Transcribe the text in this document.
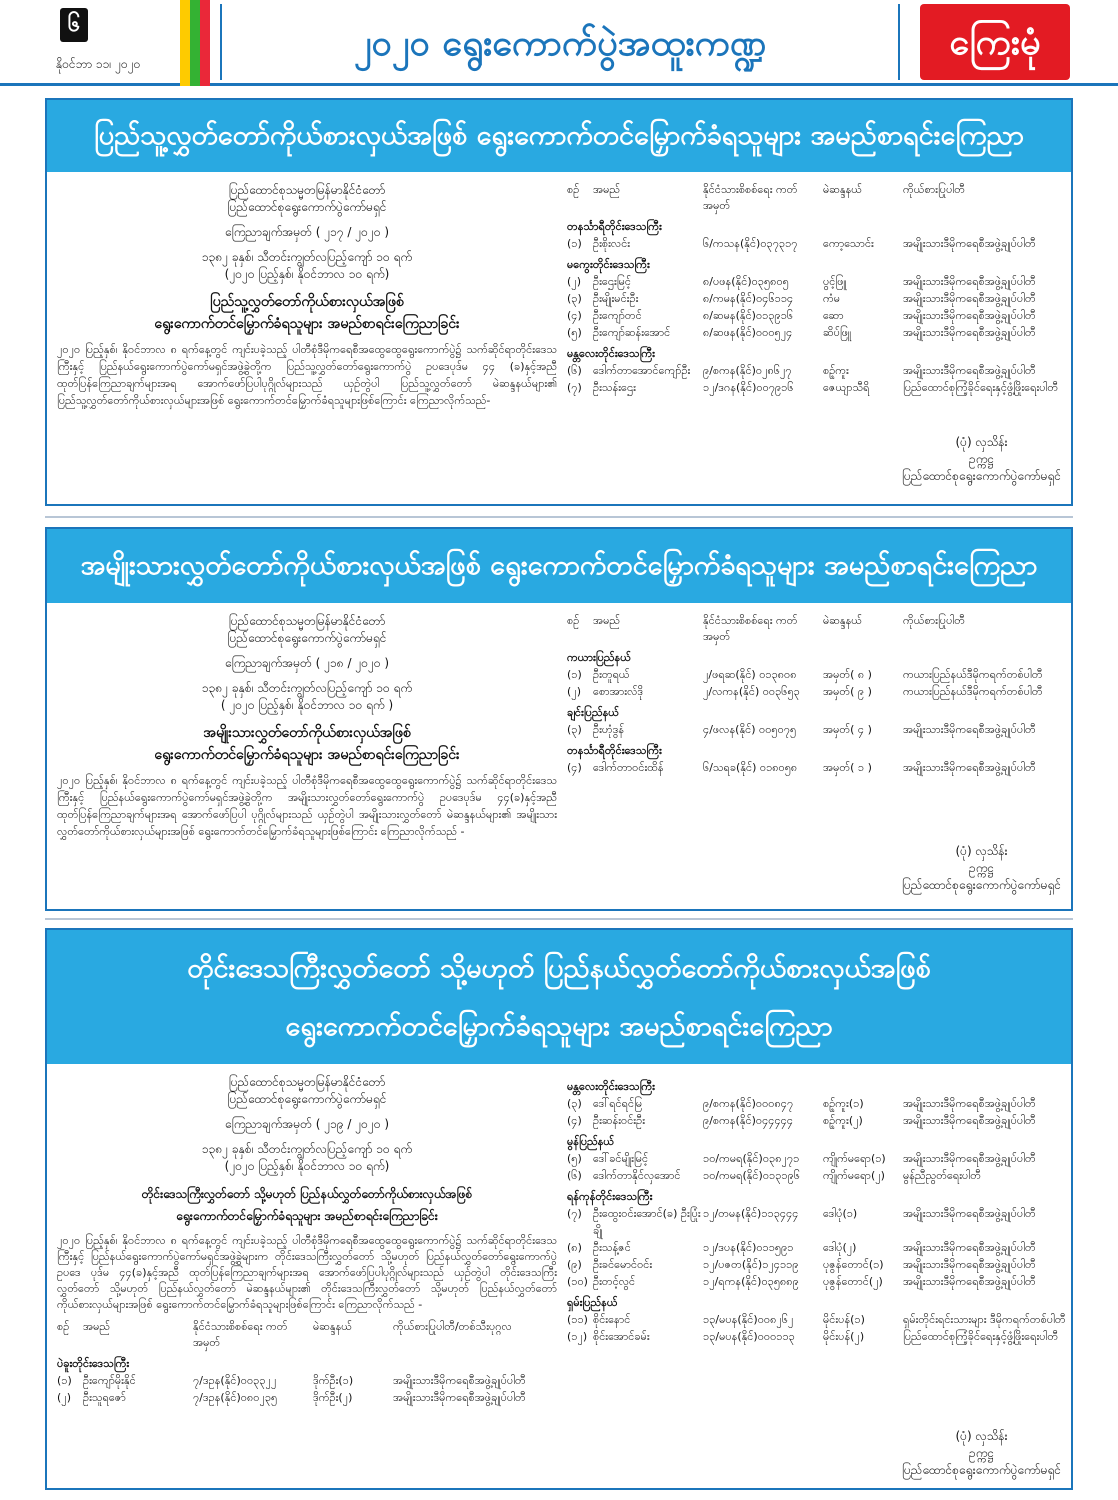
၆
နိုဝင်ဘာ ၁၁၊ ၂၀၂၀	၂၀၂၀ ရွေးကောက်ပွဲအထူးကဏ္ဍ	ကြေးမုံ
ပြည်သူ့လွှတ်တော်ကိုယ်စားလှယ်အဖြစ် ရွေးကောက်တင်မြှောက်ခံရသူများ အမည်စာရင်းကြေညာ
ပြည်ထောင်စုသမ္မတမြန်မာနိုင်ငံတော်
ပြည်ထောင်စုရွေးကောက်ပွဲကော်မရှင်
ကြေညာချက်အမှတ် ( ၂၁၇ / ၂၀၂၀ )
၁၃၈၂ ခုနှစ်၊ သီတင်းကျွတ်လပြည့်ကျော် ၁၀ ရက်
(၂၀၂၀ ပြည့်နှစ်၊ နိုဝင်ဘာလ ၁၀ ရက်)
ပြည်သူ့လွှတ်တော်ကိုယ်စားလှယ်အဖြစ်
ရွေးကောက်တင်မြှောက်ခံရသူများ အမည်စာရင်းကြေညာခြင်း
၂၀၂၀ ပြည့်နှစ်၊ နိုဝင်ဘာလ ၈ ရက်နေ့တွင် ကျင်းပခဲ့သည့် ပါတီစုံဒီမိုကရေစီအထွေထွေရွေးကောက်ပွဲ၌ သက်ဆိုင်ရာတိုင်းဒေသကြီးနှင့် ပြည်နယ်ရွေးကောက်ပွဲကော်မရှင်အဖွဲ့ခွဲတို့က ပြည်သူ့လွှတ်တော်ရွေးကောက်ပွဲ ဥပဒေပုဒ်မ ၄၄ (ခ)နှင့်အညီ ထုတ်ပြန်ကြေညာချက်များအရ အောက်ဖော်ပြပါပုဂ္ဂိုလ်များသည် ယှဉ်တွဲပါ ပြည်သူ့လွှတ်တော် မဲဆန္ဒနယ်များ၏ ပြည်သူ့လွှတ်တော်ကိုယ်စားလှယ်များအဖြစ် ရွေးကောက်တင်မြှောက်ခံရသူများဖြစ်ကြောင်း ကြေညာလိုက်သည်-
စဉ်	အမည်	နိုင်ငံသားစိစစ်ရေး ကတ်အမှတ်
မဲဆန္ဒနယ်	ကိုယ်စားပြုပါတီ
တနင်္သာရီတိုင်းဒေသကြီး
(၁)	ဦးစိုးလင်း	၆/ကသန(နိုင်)၀၃၇၃၁၇	ကော့သောင်း	အမျိုးသားဒီမိုကရေစီအဖွဲ့ချုပ်ပါတီ
မကွေးတိုင်းဒေသကြီး
(၂)	ဦးဌေးမြင့်	၈/ပဖန(နိုင်)၀၃၅၈၀၅	ပွင့်ဖြူ	အမျိုးသားဒီမိုကရေစီအဖွဲ့ချုပ်ပါတီ
(၃)	ဦးမျိုးမင်းဦး	၈/ကမန(နိုင်)၀၄၆၁၁၄	ကံမ	အမျိုးသားဒီမိုကရေစီအဖွဲ့ချုပ်ပါတီ
(၄)	ဦးကျော်တင်	၈/ဆမန(နိုင်)၀၁၃၉၁၆	ဆော	အမျိုးသားဒီမိုကရေစီအဖွဲ့ချုပ်ပါတီ
(၅)	ဦးကျော်ဆန်းအောင်	၈/ဆဖန(နိုင်)၀၀၀၅၂၄	ဆိပ်ဖြူ	အမျိုးသားဒီမိုကရေစီအဖွဲ့ချုပ်ပါတီ
မန္တလေးတိုင်းဒေသကြီး
(၆)	ဒေါက်တာအောင်ကျော်ဦး	၉/စကန(နိုင်)၀၂၈၆၂၇	စဉ့်ကူး	အမျိုးသားဒီမိုကရေစီအဖွဲ့ချုပ်ပါတီ
(၇)	ဦးသန်းဌေး	၁၂/ဒဂန(နိုင်)၀၀၇၉၁၆	ဇေယျာသီရိ	ပြည်ထောင်စုကြံ့ခိုင်ရေးနှင့်ဖွံ့ဖြိုးရေးပါတီ
(ပုံ) လှသိန်း
ဥက္ကဋ္ဌ
ပြည်ထောင်စုရွေးကောက်ပွဲကော်မရှင်
အမျိုးသားလွှတ်တော်ကိုယ်စားလှယ်အဖြစ် ရွေးကောက်တင်မြှောက်ခံရသူများ အမည်စာရင်းကြေညာ
ပြည်ထောင်စုသမ္မတမြန်မာနိုင်ငံတော်
ပြည်ထောင်စုရွေးကောက်ပွဲကော်မရှင်
ကြေညာချက်အမှတ် ( ၂၁၈ / ၂၀၂၀ )
၁၃၈၂ ခုနှစ်၊ သီတင်းကျွတ်လပြည့်ကျော် ၁၀ ရက်
( ၂၀၂၀ ပြည့်နှစ်၊ နိုဝင်ဘာလ ၁၀ ရက် )
အမျိုးသားလွှတ်တော်ကိုယ်စားလှယ်အဖြစ်
ရွေးကောက်တင်မြှောက်ခံရသူများ အမည်စာရင်းကြေညာခြင်း
၂၀၂၀ ပြည့်နှစ်၊ နိုဝင်ဘာလ ၈ ရက်နေ့တွင် ကျင်းပခဲ့သည့် ပါတီစုံဒီမိုကရေစီအထွေထွေရွေးကောက်ပွဲ၌ သက်ဆိုင်ရာတိုင်းဒေသကြီးနှင့် ပြည်နယ်ရွေးကောက်ပွဲကော်မရှင်အဖွဲ့ခွဲတို့က အမျိုးသားလွှတ်တော်ရွေးကောက်ပွဲ ဥပဒေပုဒ်မ ၄၄(ခ)နှင့်အညီ ထုတ်ပြန်ကြေညာချက်များအရ အောက်ဖော်ပြပါ ပုဂ္ဂိုလ်များသည် ယှဉ်တွဲပါ အမျိုးသားလွှတ်တော် မဲဆန္ဒနယ်များ၏ အမျိုးသားလွှတ်တော်ကိုယ်စားလှယ်များအဖြစ် ရွေးကောက်တင်မြှောက်ခံရသူများဖြစ်ကြောင်း ကြေညာလိုက်သည် -
စဉ်	အမည်	နိုင်ငံသားစိစစ်ရေး ကတ်အမှတ်
မဲဆန္ဒနယ်	ကိုယ်စားပြုပါတီ
ကယားပြည်နယ်
(၁)	ဦးတူရယ်	၂/ဖရဆ(နိုင်) ၀၁၃၈၀၈	အမှတ်( ၈ )	ကယားပြည်နယ်ဒီမိုကရက်တစ်ပါတီ
(၂)	စောအားလ်ဒို	၂/လကန(နိုင်) ၀၀၃၆၅၃	အမှတ်( ၉ )	ကယားပြည်နယ်ဒီမိုကရက်တစ်ပါတီ
ချင်းပြည်နယ်
(၃)	ဦးဟုံဒွန်	၄/ဖလန(နိုင်) ၀၀၅၀၇၅	အမှတ်( ၄ )	အမျိုးသားဒီမိုကရေစီအဖွဲ့ချုပ်ပါတီ
တနင်္သာရီတိုင်းဒေသကြီး
(၄)	ဒေါက်တာဝင်းထိန်	၆/သရခ(နိုင်) ၀၁၈၀၅၈	အမှတ်( ၁ )	အမျိုးသားဒီမိုကရေစီအဖွဲ့ချုပ်ပါတီ
(ပုံ) လှသိန်း
ဥက္ကဋ္ဌ
ပြည်ထောင်စုရွေးကောက်ပွဲကော်မရှင်
တိုင်းဒေသကြီးလွှတ်တော် သို့မဟုတ် ပြည်နယ်လွှတ်တော်ကိုယ်စားလှယ်အဖြစ်
ရွေးကောက်တင်မြှောက်ခံရသူများ အမည်စာရင်းကြေညာ
ပြည်ထောင်စုသမ္မတမြန်မာနိုင်ငံတော်
ပြည်ထောင်စုရွေးကောက်ပွဲကော်မရှင်
ကြေညာချက်အမှတ် ( ၂၁၉ / ၂၀၂၀ )
၁၃၈၂ ခုနှစ်၊ သီတင်းကျွတ်လပြည့်ကျော် ၁၀ ရက်
(၂၀၂၀ ပြည့်နှစ်၊ နိုဝင်ဘာလ ၁၀ ရက်)
တိုင်းဒေသကြီးလွှတ်တော် သို့မဟုတ် ပြည်နယ်လွှတ်တော်ကိုယ်စားလှယ်အဖြစ်
ရွေးကောက်တင်မြှောက်ခံရသူများ အမည်စာရင်းကြေညာခြင်း
၂၀၂၀ ပြည့်နှစ်၊ နိုဝင်ဘာလ ၈ ရက်နေ့တွင် ကျင်းပခဲ့သည့် ပါတီစုံဒီမိုကရေစီအထွေထွေရွေးကောက်ပွဲ၌ သက်ဆိုင်ရာတိုင်းဒေသကြီးနှင့် ပြည်နယ်ရွေးကောက်ပွဲကော်မရှင်အဖွဲ့ခွဲများက တိုင်းဒေသကြီးလွှတ်တော် သို့မဟုတ် ပြည်နယ်လွှတ်တော်ရွေးကောက်ပွဲဥပဒေ ပုဒ်မ ၄၄(ခ)နှင့်အညီ ထုတ်ပြန်ကြေညာချက်များအရ အောက်ဖော်ပြပါပုဂ္ဂိုလ်များသည် ယှဉ်တွဲပါ တိုင်းဒေသကြီးလွှတ်တော် သို့မဟုတ် ပြည်နယ်လွှတ်တော် မဲဆန္ဒနယ်များ၏ တိုင်းဒေသကြီးလွှတ်တော် သို့မဟုတ် ပြည်နယ်လွှတ်တော် ကိုယ်စားလှယ်များအဖြစ် ရွေးကောက်တင်မြှောက်ခံရသူများဖြစ်ကြောင်း ကြေညာလိုက်သည် -
စဉ်	အမည်	နိုင်ငံသားစိစစ်ရေး ကတ်အမှတ်
မဲဆန္ဒနယ်	ကိုယ်စားပြုပါတီ/တစ်သီးပုဂ္ဂလ
ပဲခူးတိုင်းဒေသကြီး
(၁)	ဦးကျော်မိုးနိုင်	၇/ဒဥန(နိုင်)၀၀၃၃၂၂	ဒိုက်ဦး(၁)	အမျိုးသားဒီမိုကရေစီအဖွဲ့ချုပ်ပါတီ
(၂)	ဦးသူရဇော်	၇/ဒဥန(နိုင်)၀၈၀၂၃၅	ဒိုက်ဦး(၂)	အမျိုးသားဒီမိုကရေစီအဖွဲ့ချုပ်ပါတီ
မန္တလေးတိုင်းဒေသကြီး
(၃)	ဒေါ်ရင်ရင်မြ	၉/စကန(နိုင်)၀၀၀၈၄၇	စဉ့်ကူး(၁)	အမျိုးသားဒီမိုကရေစီအဖွဲ့ချုပ်ပါတီ
(၄)	ဦးဆန်းဝင်းဦး	၉/စကန(နိုင်)၀၄၄၄၄၄	စဉ့်ကူး(၂)	အမျိုးသားဒီမိုကရေစီအဖွဲ့ချုပ်ပါတီ
မွန်ပြည်နယ်
(၅)	ဒေါ်ခင်မျိုးမြင့်	၁၀/ကမရ(နိုင်)၀၃၈၂၇၁	ကျိုက်မရော(၁)	အမျိုးသားဒီမိုကရေစီအဖွဲ့ချုပ်ပါတီ
(၆)	ဒေါက်တာနိုင်လှအောင်	၁၀/ကမရ(နိုင်)၀၁၃၁၉၆	ကျိုက်မရော(၂)	မွန်ညီညွတ်ရေးပါတီ
ရန်ကုန်တိုင်းဒေသကြီး
(၇)	ဦးထွေးဝင်းအောင်(ခ) ဦးပြုံးချို
၁၂/တမန(နိုင်)၁၁၃၄၄၄	ဒေါပုံ(၁)	အမျိုးသားဒီမိုကရေစီအဖွဲ့ချုပ်ပါတီ
(၈)	ဦးသန့်ဇင်	၁၂/ဒပန(နိုင်)၀၁၁၅၉၁	ဒေါပုံ(၂)	အမျိုးသားဒီမိုကရေစီအဖွဲ့ချုပ်ပါတီ
(၉)	ဦးခင်မောင်ဝင်း	၁၂/ပဇတ(နိုင်)၁၂၄၁၁၉	ပုဇွန်တောင်(၁)	အမျိုးသားဒီမိုကရေစီအဖွဲ့ချုပ်ပါတီ
(၁၀) ဦးတင့်လွင်	၁၂/ရကန(နိုင်)၀၃၅၈၈၉	ပုဇွန်တောင်(၂)	အမျိုးသားဒီမိုကရေစီအဖွဲ့ချုပ်ပါတီ
ရှမ်းပြည်နယ်
(၁၁) စိုင်းနောင်	၁၃/မပန(နိုင်)၀၀၈၂၆၂	မိုင်းပန်(၁)	ရှမ်းတိုင်းရင်းသားများ ဒီမိုကရက်တစ်ပါတီ
(၁၂) စိုင်းအောင်ခမ်း	၁၃/မပန(နိုင်)၀၀၀၁၁၃	မိုင်းပန်(၂)	ပြည်ထောင်စုကြံ့ခိုင်ရေးနှင့်ဖွံ့ဖြိုးရေးပါတီ
(ပုံ) လှသိန်း
ဥက္ကဋ္ဌ
ပြည်ထောင်စုရွေးကောက်ပွဲကော်မရှင်
